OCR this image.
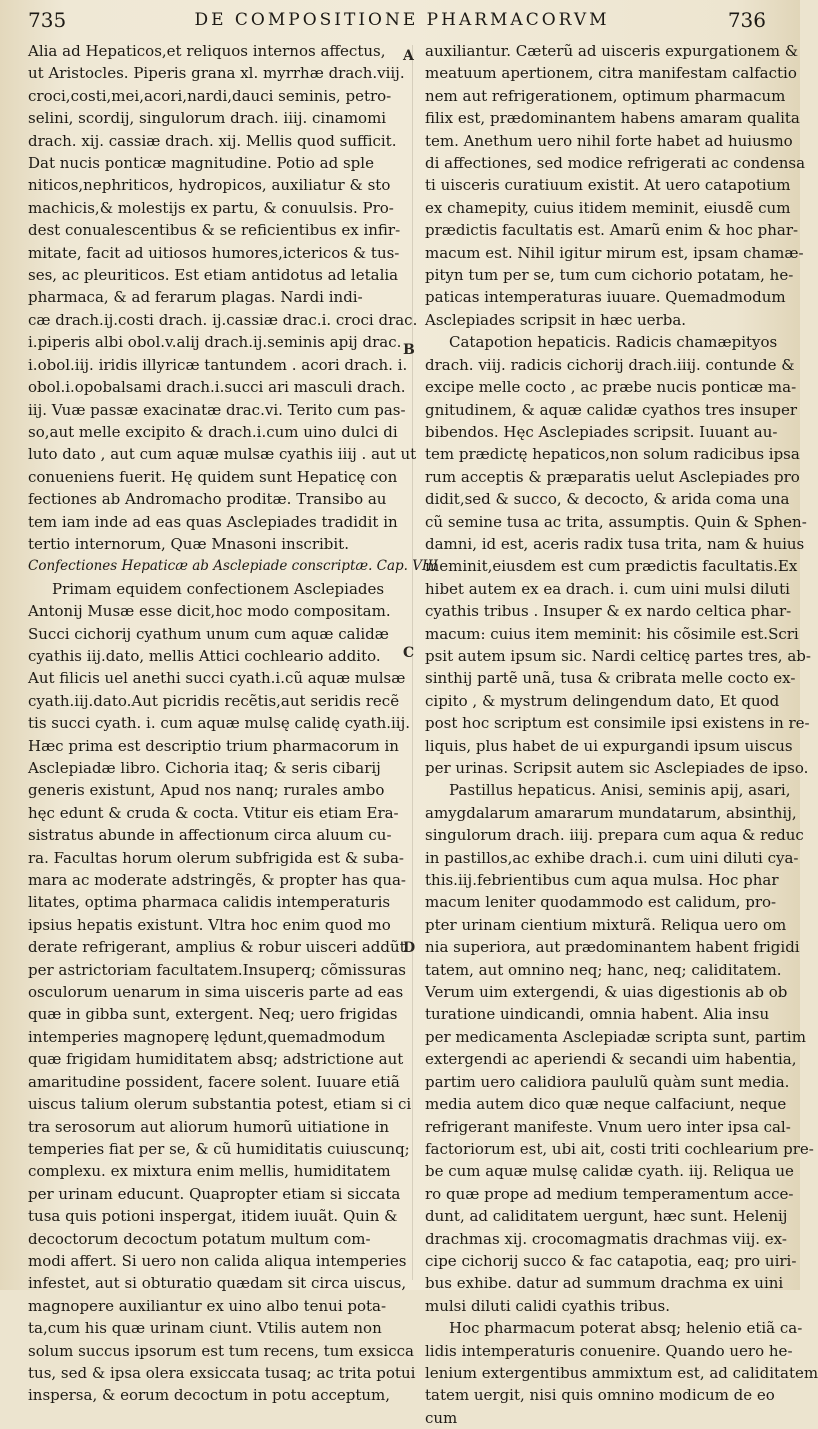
735	DE COMPOSITIONE PHARMACORVM	736
Alia ad Hepaticos,et reliquos internos affectus,
ut Aristocles. Piperis grana xl. myrrhæ drach.viij.
croci,costi,mei,acori,nardi,dauci seminis, petro-
selini, scordij, singulorum drach. iiij. cinamomi
drach. xij. cassiæ drach. xij. Mellis quod sufficit.
Dat nucis ponticæ magnitudine. Potio ad sple
niticos,nephriticos, hydropicos, auxiliatur & sto
machicis,& molestijs ex partu, & conuulsis. Pro-
dest conualescentibus & se reficientibus ex infir-
mitate, facit ad uitiosos humores,ictericos & tus-
ses, ac pleuriticos. Est etiam antidotus ad letalia
pharmaca, & ad ferarum plagas. Nardi indi-
cæ drach.ij.costi drach. ij.cassiæ drac.i. croci drac.
i.piperis albi obol.v.alij drach.ij.seminis apij drac.
i.obol.iij. iridis illyricæ tantundem . acori drach. i.
obol.i.opobalsami drach.i.succi ari masculi drach.
iij. Vuæ passæ exacinatæ drac.vi. Terito cum pas-
so,aut melle excipito & drach.i.cum uino dulci di
luto dato , aut cum aquæ mulsæ cyathis iiij . aut ut
conueniens fuerit. Hę quidem sunt Hepaticę con
fectiones ab Andromacho proditæ. Transibo au
tem iam inde ad eas quas Asclepiades tradidit in
tertio internorum, Quæ Mnasoni inscribit.
Confectiones Hepaticæ ab Asclepiade conscriptæ. Cap. VIII
Primam equidem confectionem Asclepiades
Antonij Musæ esse dicit,hoc modo compositam.
Succi cichorij cyathum unum cum aquæ calidæ
cyathis iij.dato, mellis Attici cochleario addito.
Aut filicis uel anethi succi cyath.i.cũ aquæ mulsæ
cyath.iij.dato.Aut picridis recẽtis,aut seridis recẽ
tis succi cyath. i. cum aquæ mulsę calidę cyath.iij.
Hæc prima est descriptio trium pharmacorum in
Asclepiadæ libro. Cichoria itaq; & seris cibarij
generis existunt, Apud nos nanq; rurales ambo
hęc edunt & cruda & cocta. Vtitur eis etiam Era-
sistratus abunde in affectionum circa aluum cu-
ra. Facultas horum olerum subfrigida est & suba-
mara ac moderate adstringẽs, & propter has qua-
litates, optima pharmaca calidis intemperaturis
ipsius hepatis existunt. Vltra hoc enim quod mo
derate refrigerant, amplius & robur uisceri addũt
per astrictoriam facultatem.Insuperq; cõmissuras
osculorum uenarum in sima uisceris parte ad eas
quæ in gibba sunt, extergent. Neq; uero frigidas
intemperies magnoperę lędunt,quemadmodum
quæ frigidam humiditatem absq; adstrictione aut
amaritudine possident, facere solent. Iuuare etiã
uiscus talium olerum substantia potest, etiam si ci
tra serosorum aut aliorum humorũ uitiatione in
temperies fiat per se, & cũ humiditatis cuiuscunq;
complexu. ex mixtura enim mellis, humiditatem
per urinam educunt. Quapropter etiam si siccata
tusa quis potioni inspergat, itidem iuuãt. Quin &
decoctorum decoctum potatum multum com-
modi affert. Si uero non calida aliqua intemperies
infestet, aut si obturatio quædam sit circa uiscus,
magnopere auxiliantur ex uino albo tenui pota-
ta,cum his quæ urinam ciunt. Vtilis autem non
solum succus ipsorum est tum recens, tum exsicca
tus, sed & ipsa olera exsiccata tusaq; ac trita potui
inspersa, & eorum decoctum in potu acceptum,
A
B
C
D
auxiliantur. Cæterũ ad uisceris expurgationem &
meatuum apertionem, citra manifestam calfactio
nem aut refrigerationem, optimum pharmacum
filix est, prædominantem habens amaram qualita
tem. Anethum uero nihil forte habet ad huiusmo
di affectiones, sed modice refrigerati ac condensa
ti uisceris curatiuum existit. At uero catapotium
ex chamepity, cuius itidem meminit, eiusdẽ cum
prædictis facultatis est. Amarũ enim & hoc phar-
macum est. Nihil igitur mirum est, ipsam chamæ-
pityn tum per se, tum cum cichorio potatam, he-
paticas intemperaturas iuuare. Quemadmodum
Asclepiades scripsit in hæc uerba.
Catapotion hepaticis. Radicis chamæpityos
drach. viij. radicis cichorij drach.iiij. contunde &
excipe melle cocto , ac præbe nucis ponticæ ma-
gnitudinem, & aquæ calidæ cyathos tres insuper
bibendos. Hęc Asclepiades scripsit. Iuuant au-
tem prædictę hepaticos,non solum radicibus ipsa
rum acceptis & præparatis uelut Asclepiades pro
didit,sed & succo, & decocto, & arida coma una
cũ semine tusa ac trita, assumptis. Quin & Sphen-
damni, id est, aceris radix tusa trita, nam & huius
meminit,eiusdem est cum prædictis facultatis.Ex
hibet autem ex ea drach. i. cum uini mulsi diluti
cyathis tribus . Insuper & ex nardo celtica phar-
macum: cuius item meminit: his cõsimile est.Scri
psit autem ipsum sic. Nardi celticę partes tres, ab-
sinthij partẽ unã, tusa & cribrata melle cocto ex-
cipito , & mystrum delingendum dato, Et quod
post hoc scriptum est consimile ipsi existens in re-
liquis, plus habet de ui expurgandi ipsum uiscus
per urinas. Scripsit autem sic Asclepiades de ipso.
Pastillus hepaticus. Anisi, seminis apij, asari,
amygdalarum amararum mundatarum, absinthij,
singulorum drach. iiij. prepara cum aqua & reduc
in pastillos,ac exhibe drach.i. cum uini diluti cya-
this.iij.febrientibus cum aqua mulsa. Hoc phar
macum leniter quodammodo est calidum, pro-
pter urinam cientium mixturã. Reliqua uero om
nia superiora, aut prædominantem habent frigidi
tatem, aut omnino neq; hanc, neq; caliditatem.
Verum uim extergendi, & uias digestionis ab ob
turatione uindicandi, omnia habent. Alia insu
per medicamenta Asclepiadæ scripta sunt, partim
extergendi ac aperiendi & secandi uim habentia,
partim uero calidiora paululũ quàm sunt media.
media autem dico quæ neque calfaciunt, neque
refrigerant manifeste. Vnum uero inter ipsa cal-
factoriorum est, ubi ait, costi triti cochlearium pre-
be cum aquæ mulsę calidæ cyath. iij. Reliqua ue
ro quæ prope ad medium temperamentum acce-
dunt, ad caliditatem uergunt, hæc sunt. Helenij
drachmas xij. crocomagmatis drachmas viij. ex-
cipe cichorij succo & fac catapotia, eaq; pro uiri-
bus exhibe. datur ad summum drachma ex uini
mulsi diluti calidi cyathis tribus.
Hoc pharmacum poterat absq; helenio etiã ca-
lidis intemperaturis conuenire. Quando uero he-
lenium extergentibus ammixtum est, ad caliditatem
tatem uergit, nisi quis omnino modicum de eo
cum
